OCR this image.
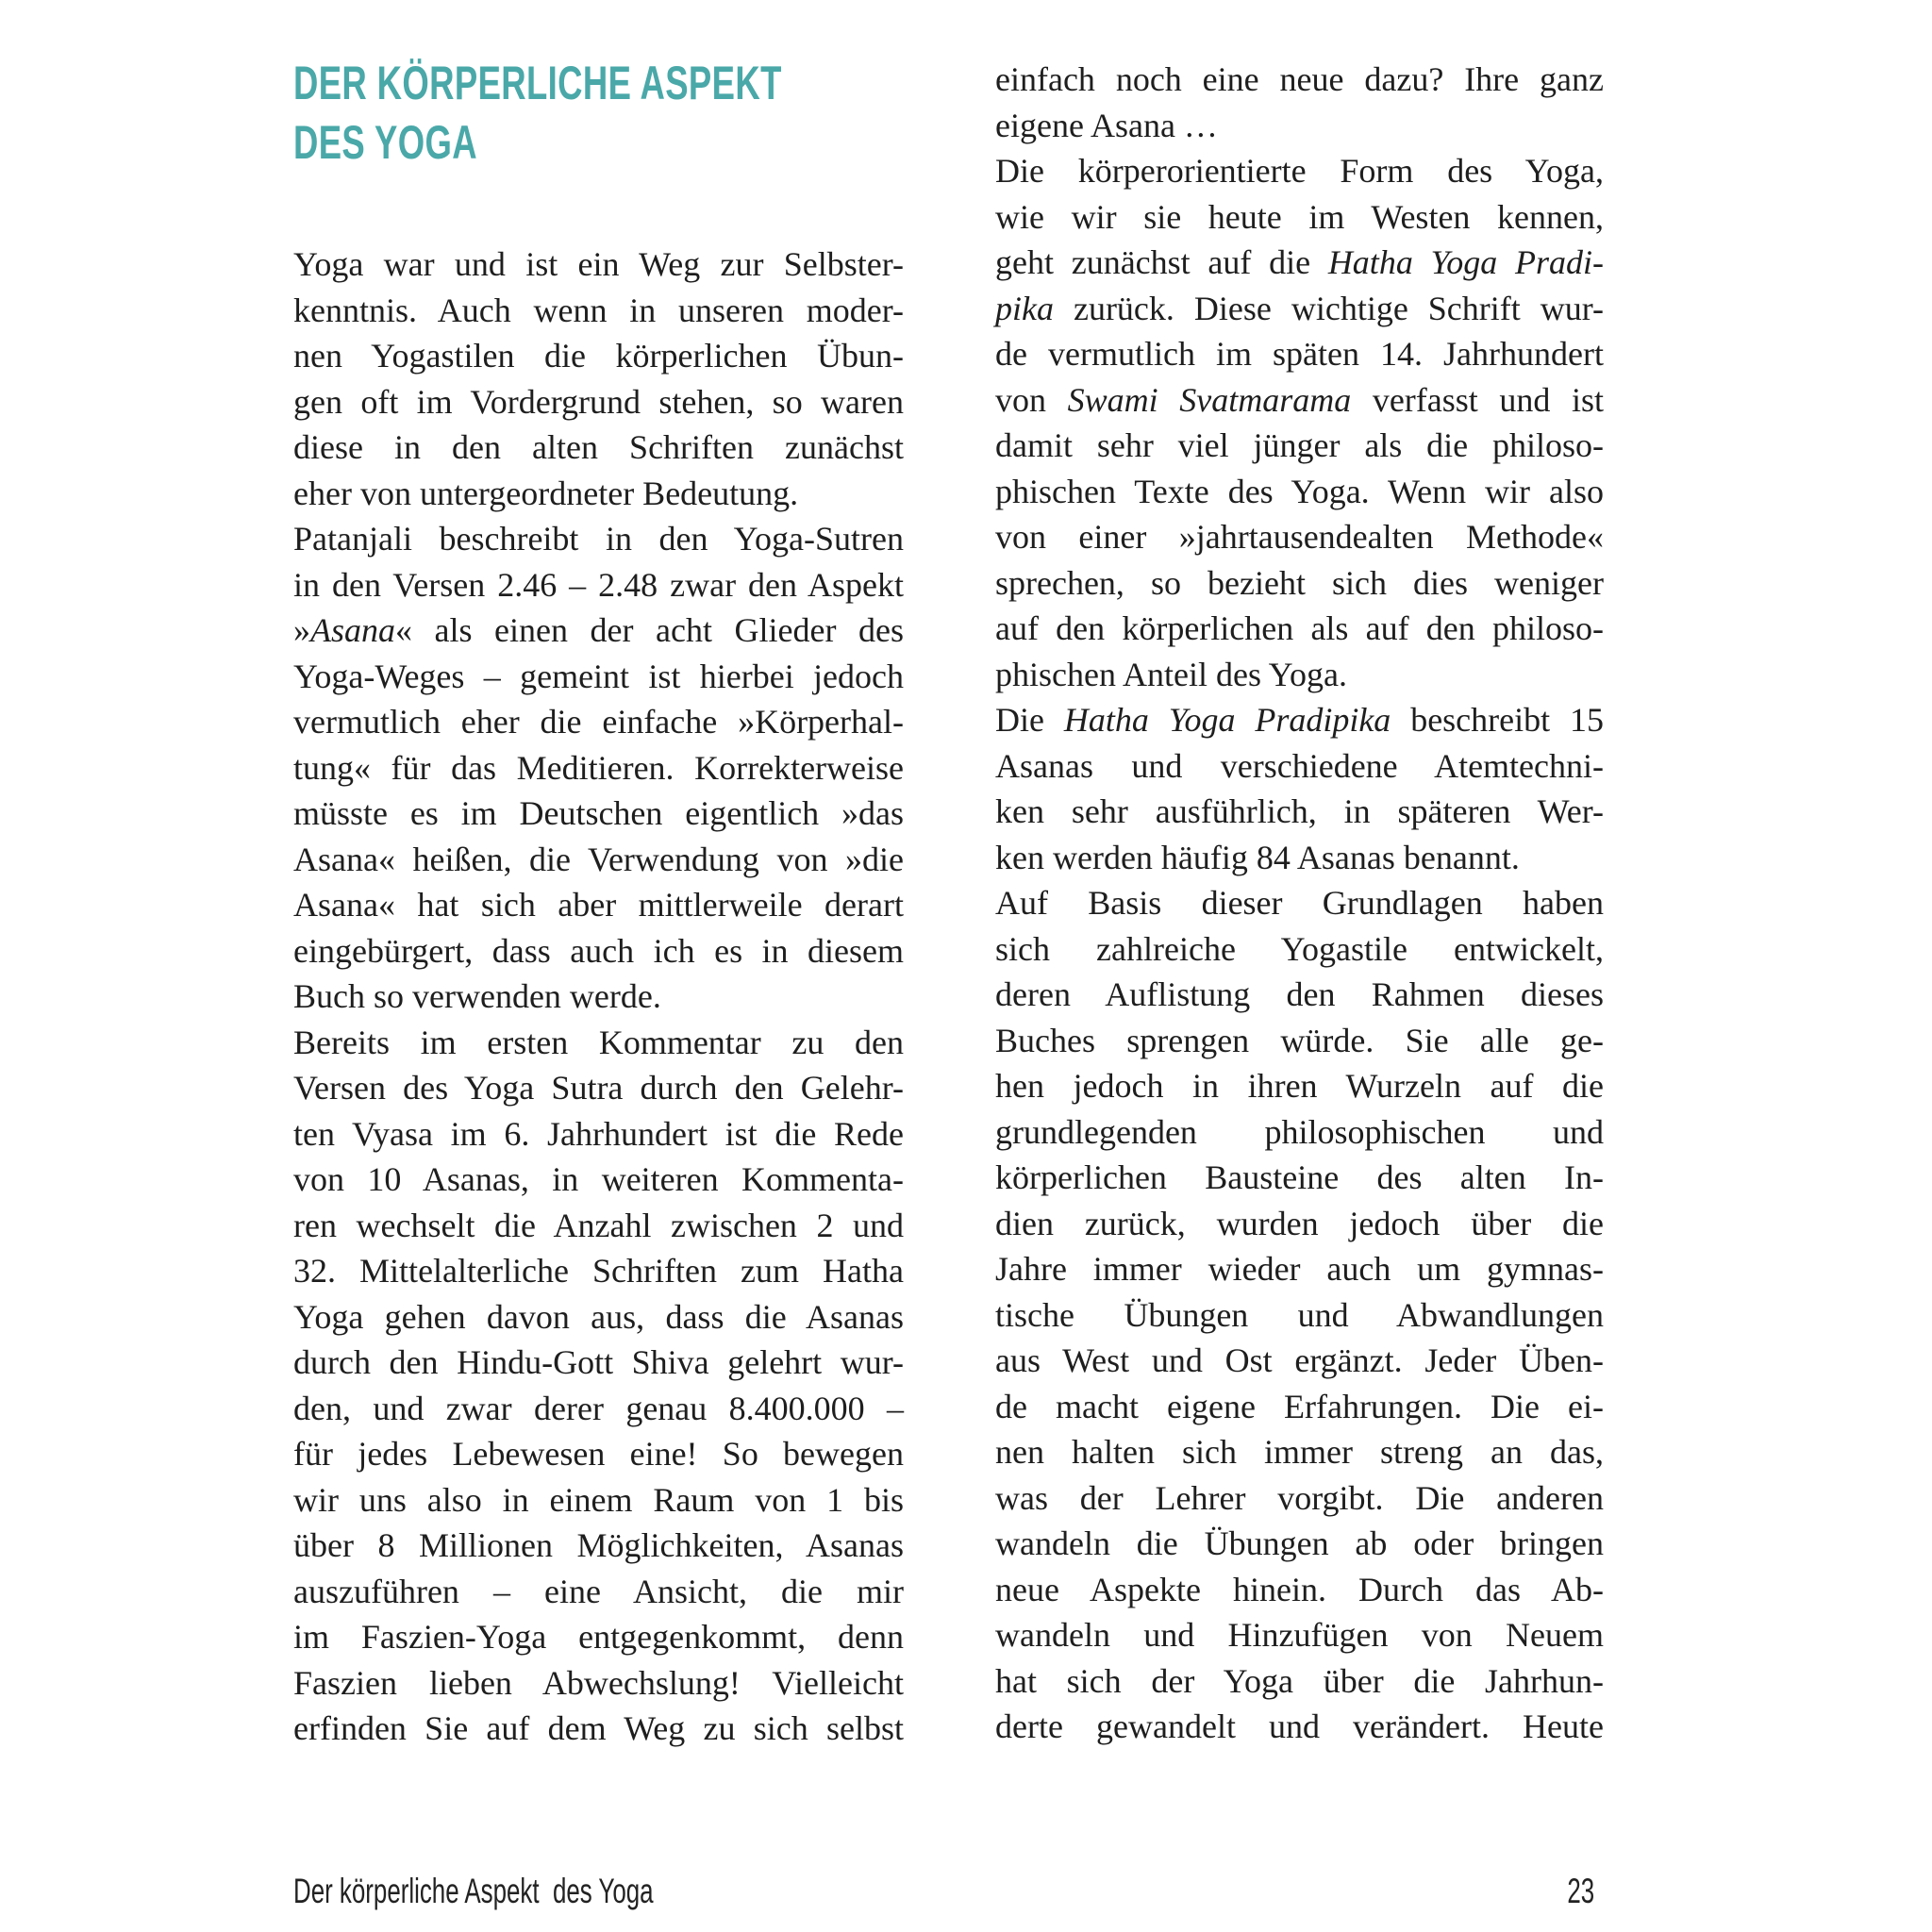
DER KÖRPERLICHE ASPEKT
DES YOGA
Yoga war und ist ein Weg zur Selbster-
kenntnis. Auch wenn in unseren moder-
nen Yogastilen die körperlichen Übun-
gen oft im Vordergrund stehen, so waren
diese in den alten Schriften zunächst
eher von untergeordneter Bedeutung.
Patanjali beschreibt in den Yoga-Sutren
in den Versen 2.46 – 2.48 zwar den Aspekt
»Asana« als einen der acht Glieder des
Yoga-Weges – gemeint ist hierbei jedoch
vermutlich eher die einfache »Körperhal-
tung« für das Meditieren. Korrekterweise
müsste es im Deutschen eigentlich »das
Asana« heißen, die Verwendung von »die
Asana« hat sich aber mittlerweile derart
eingebürgert, dass auch ich es in diesem
Buch so verwenden werde.
Bereits im ersten Kommentar zu den
Versen des Yoga Sutra durch den Gelehr-
ten Vyasa im 6. Jahrhundert ist die Rede
von 10 Asanas, in weiteren Kommenta-
ren wechselt die Anzahl zwischen 2 und
32. Mittelalterliche Schriften zum Hatha
Yoga gehen davon aus, dass die Asanas
durch den Hindu-Gott Shiva gelehrt wur-
den, und zwar derer genau 8.400.000 –
für jedes Lebewesen eine! So bewegen
wir uns also in einem Raum von 1 bis
über 8 Millionen Möglichkeiten, Asanas
auszuführen – eine Ansicht, die mir
im Faszien-Yoga entgegenkommt, denn
Faszien lieben Abwechslung! Vielleicht
erfinden Sie auf dem Weg zu sich selbst
einfach noch eine neue dazu? Ihre ganz
eigene Asana …
Die körperorientierte Form des Yoga,
wie wir sie heute im Westen kennen,
geht zunächst auf die Hatha Yoga Pradi-
pika zurück. Diese wichtige Schrift wur-
de vermutlich im späten 14. Jahrhundert
von Swami Svatmarama verfasst und ist
damit sehr viel jünger als die philoso-
phischen Texte des Yoga. Wenn wir also
von einer »jahrtausendealten Methode«
sprechen, so bezieht sich dies weniger
auf den körperlichen als auf den philoso-
phischen Anteil des Yoga.
Die Hatha Yoga Pradipika beschreibt 15
Asanas und verschiedene Atemtechni-
ken sehr ausführlich, in späteren Wer-
ken werden häufig 84 Asanas benannt.
Auf Basis dieser Grundlagen haben
sich zahlreiche Yogastile entwickelt,
deren Auflistung den Rahmen dieses
Buches sprengen würde. Sie alle ge-
hen jedoch in ihren Wurzeln auf die
grundlegenden philosophischen und
körperlichen Bausteine des alten In-
dien zurück, wurden jedoch über die
Jahre immer wieder auch um gymnas-
tische Übungen und Abwandlungen
aus West und Ost ergänzt. Jeder Üben-
de macht eigene Erfahrungen. Die ei-
nen halten sich immer streng an das,
was der Lehrer vorgibt. Die anderen
wandeln die Übungen ab oder bringen
neue Aspekte hinein. Durch das Ab-
wandeln und Hinzufügen von Neuem
hat sich der Yoga über die Jahrhun-
derte gewandelt und verändert. Heute
Der körperliche Aspekt  des Yoga	23
